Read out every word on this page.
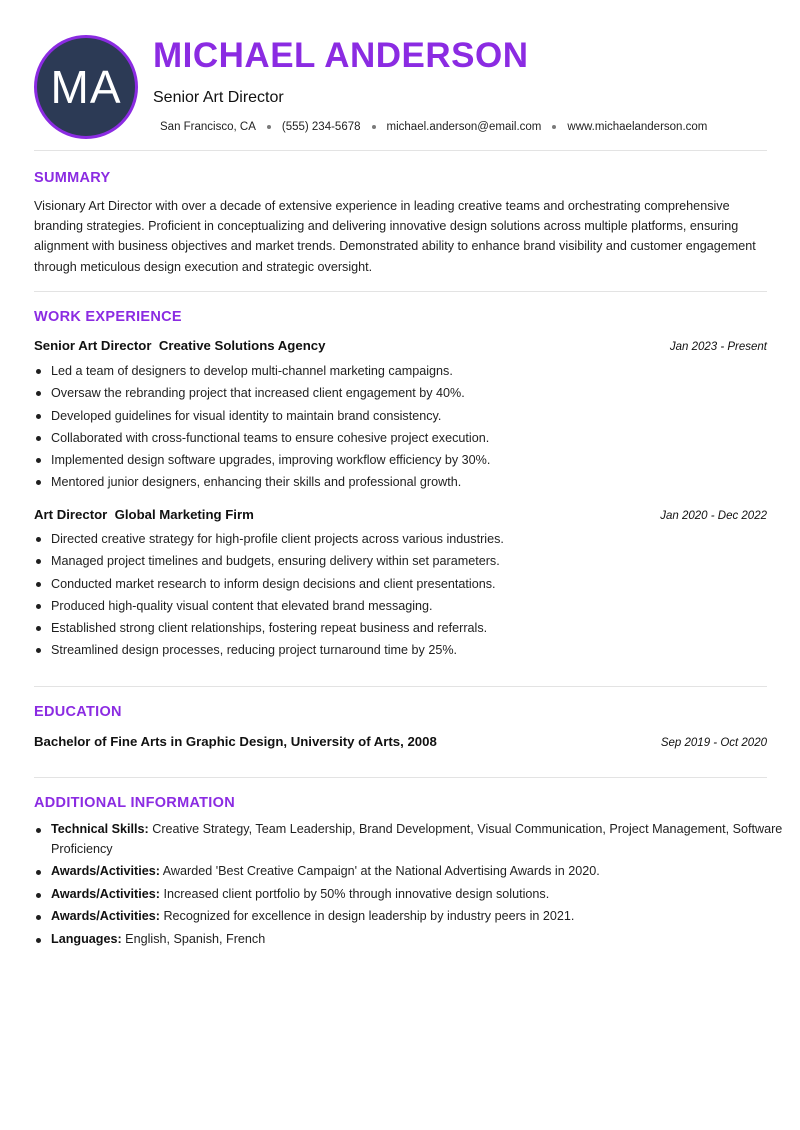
MA
MICHAEL ANDERSON
Senior Art Director
San Francisco, CA (555) 234-5678 michael.anderson@email.com www.michaelanderson.com
SUMMARY

Visionary Art Director with over a decade of extensive experience in leading creative teams and orchestrating comprehensive branding strategies. Proficient in conceptualizing and delivering innovative design solutions across multiple platforms, ensuring alignment with business objectives and market trends. Demonstrated ability to enhance brand visibility and customer engagement through meticulous design execution and strategic oversight.

WORK EXPERIENCE
Senior Art Director  Creative Solutions Agency	Jan 2023 - Present
Led a team of designers to develop multi-channel marketing campaigns.
Oversaw the rebranding project that increased client engagement by 40%.
Developed guidelines for visual identity to maintain brand consistency.
Collaborated with cross-functional teams to ensure cohesive project execution.
Implemented design software upgrades, improving workflow efficiency by 30%.
Mentored junior designers, enhancing their skills and professional growth.
Art Director  Global Marketing Firm	Jan 2020 - Dec 2022
Directed creative strategy for high-profile client projects across various industries.
Managed project timelines and budgets, ensuring delivery within set parameters.
Conducted market research to inform design decisions and client presentations.
Produced high-quality visual content that elevated brand messaging.
Established strong client relationships, fostering repeat business and referrals.
Streamlined design processes, reducing project turnaround time by 25%.
EDUCATION
Bachelor of Fine Arts in Graphic Design, University of Arts, 2008	Sep 2019 - Oct 2020
ADDITIONAL INFORMATION
Technical Skills: Creative Strategy, Team Leadership, Brand Development, Visual Communication, Project Management, Software Proficiency
Awards/Activities: Awarded 'Best Creative Campaign' at the National Advertising Awards in 2020.
Awards/Activities: Increased client portfolio by 50% through innovative design solutions.
Awards/Activities: Recognized for excellence in design leadership by industry peers in 2021.
Languages: English, Spanish, French
